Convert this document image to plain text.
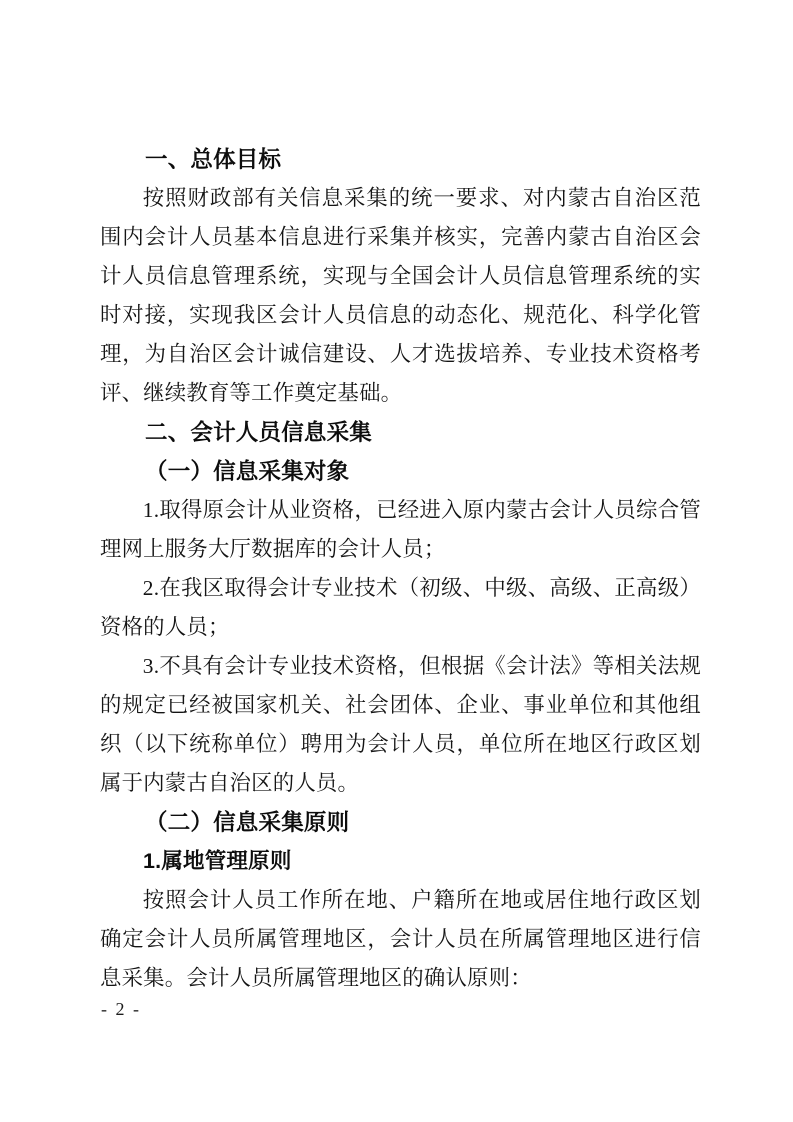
一、总体目标

按照财政部有关信息采集的统一要求、对内蒙古自治区范围内会计人员基本信息进行采集并核实，完善内蒙古自治区会计人员信息管理系统，实现与全国会计人员信息管理系统的实时对接，实现我区会计人员信息的动态化、规范化、科学化管理，为自治区会计诚信建设、人才选拔培养、专业技术资格考评、继续教育等工作奠定基础。

二、会计人员信息采集

（一）信息采集对象

1.取得原会计从业资格，已经进入原内蒙古会计人员综合管理网上服务大厅数据库的会计人员；

2.在我区取得会计专业技术（初级、中级、高级、正高级）资格的人员；

3.不具有会计专业技术资格，但根据《会计法》等相关法规的规定已经被国家机关、社会团体、企业、事业单位和其他组织（以下统称单位）聘用为会计人员，单位所在地区行政区划属于内蒙古自治区的人员。

（二）信息采集原则

1.属地管理原则

按照会计人员工作所在地、户籍所在地或居住地行政区划确定会计人员所属管理地区，会计人员在所属管理地区进行信息采集。会计人员所属管理地区的确认原则：

- 2 -
